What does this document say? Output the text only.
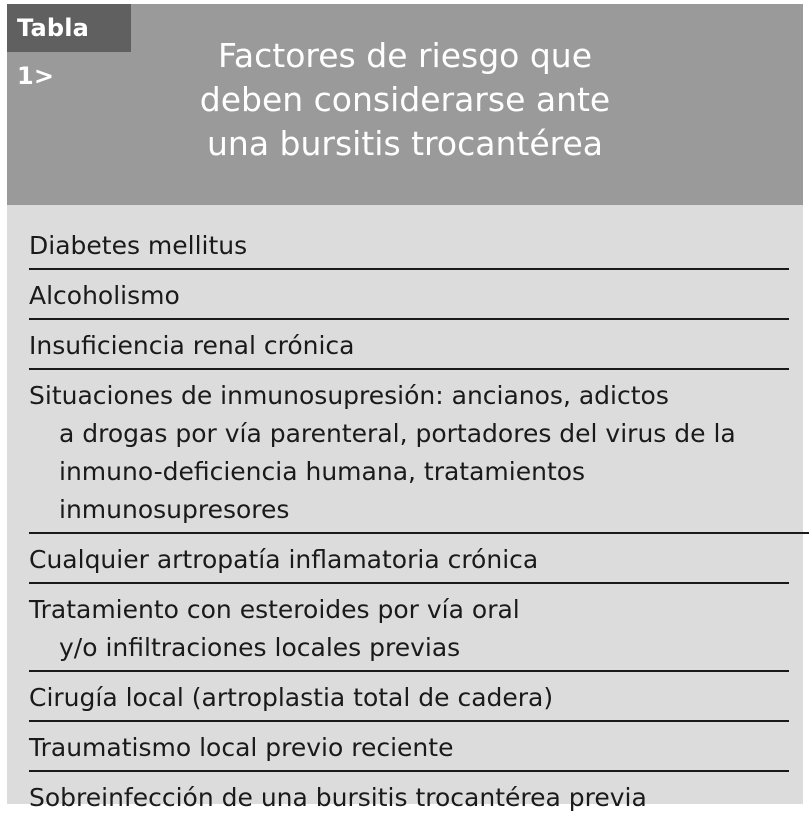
Tabla 1>
Factores de riesgo que
deben considerarse ante
una bursitis trocantérea
Diabetes mellitus
Alcoholismo
Insuficiencia renal crónica
Situaciones de inmunosupresión: ancianos, adictos
a drogas por vía parenteral, portadores del virus de la
inmuno-deficiencia humana, tratamientos
inmunosupresores
Cualquier artropatía inflamatoria crónica
Tratamiento con esteroides por vía oral
y/o infiltraciones locales previas
Cirugía local (artroplastia total de cadera)
Traumatismo local previo reciente
Sobreinfección de una bursitis trocantérea previa
